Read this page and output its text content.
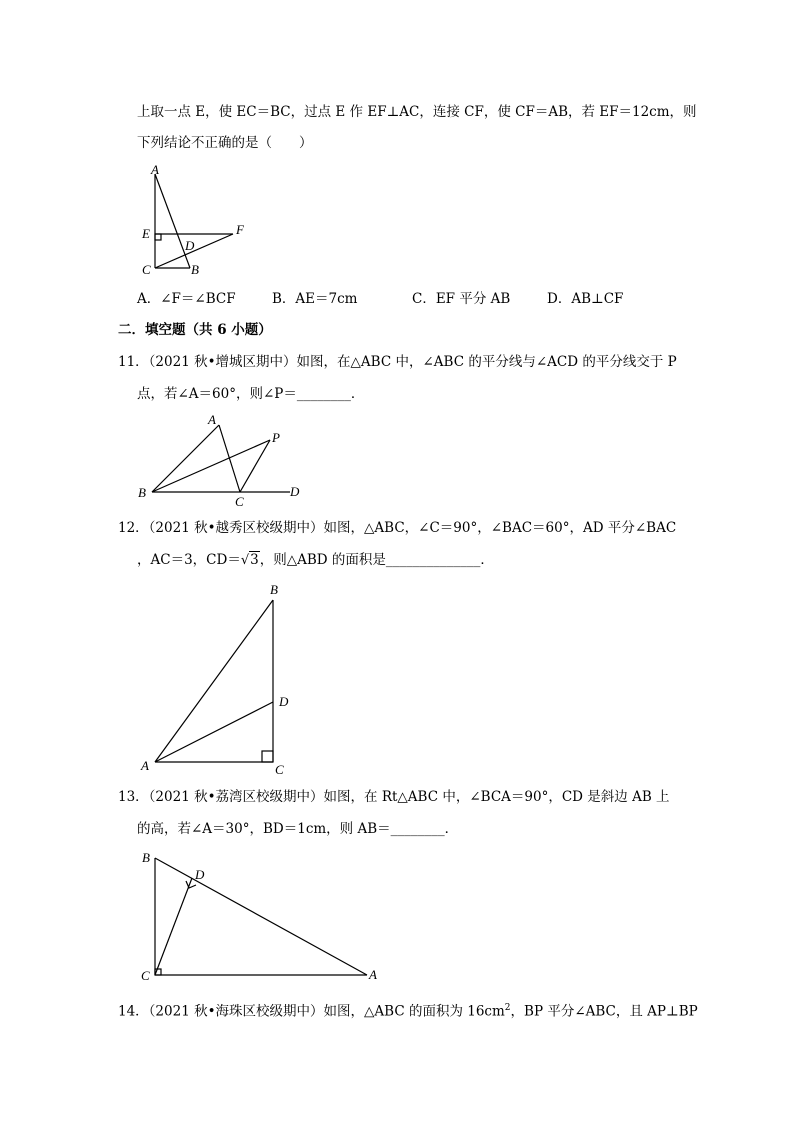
上取一点 E，使 EC＝BC，过点 E 作 EF⊥AC，连接 CF，使 CF＝AB，若 EF＝12cm，则
下列结论不正确的是（　　）
A
E	F
D
C	B
A．∠F＝∠BCF	B．AE＝7cm	C．EF 平分 AB	D．AB⊥CF
二．填空题（共 6 小题）
11．（2021 秋•增城区期中）如图，在△ABC 中，∠ABC 的平分线与∠ACD 的平分线交于 P
点，若∠A＝60°，则∠P＝________．
A
P
B
C
D
12．（2021 秋•越秀区校级期中）如图，△ABC，∠C＝90°，∠BAC＝60°，AD 平分∠BAC
，AC＝3，CD＝√3，则△ABD 的面积是______________．
B
D
A	C
13．（2021 秋•荔湾区校级期中）如图，在 Rt△ABC 中，∠BCA＝90°，CD 是斜边 AB 上
的高，若∠A＝30°，BD＝1cm，则 AB＝________．
B
D
C	A
14．（2021 秋•海珠区校级期中）如图，△ABC 的面积为 $16cm^2$，BP 平分∠ABC，且 AP⊥BP
